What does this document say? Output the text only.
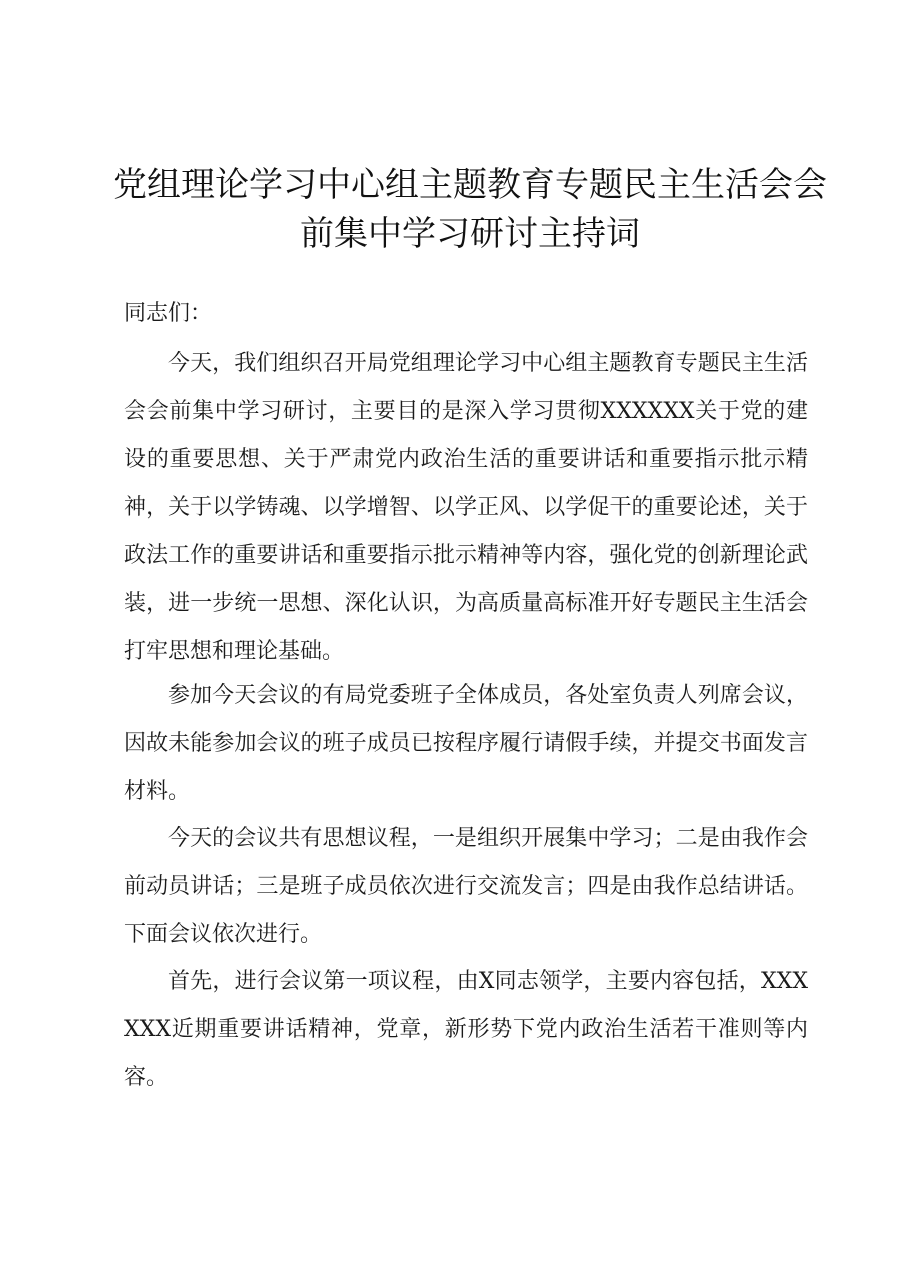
党组理论学习中心组主题教育专题民主生活会会
前集中学习研讨主持词
同志们：

今天，我们组织召开局党组理论学习中心组主题教育专题民主生活会会前集中学习研讨，主要目的是深入学习贯彻XXXXXX关于党的建设的重要思想、关于严肃党内政治生活的重要讲话和重要指示批示精神，关于以学铸魂、以学增智、以学正风、以学促干的重要论述，关于政法工作的重要讲话和重要指示批示精神等内容，强化党的创新理论武装，进一步统一思想、深化认识，为高质量高标准开好专题民主生活会打牢思想和理论基础。

参加今天会议的有局党委班子全体成员，各处室负责人列席会议，因故未能参加会议的班子成员已按程序履行请假手续，并提交书面发言材料。

今天的会议共有思想议程，一是组织开展集中学习；二是由我作会前动员讲话；三是班子成员依次进行交流发言；四是由我作总结讲话。下面会议依次进行。

首先，进行会议第一项议程，由X同志领学，主要内容包括，XXXXXX近期重要讲话精神，党章，新形势下党内政治生活若干准则等内容。
